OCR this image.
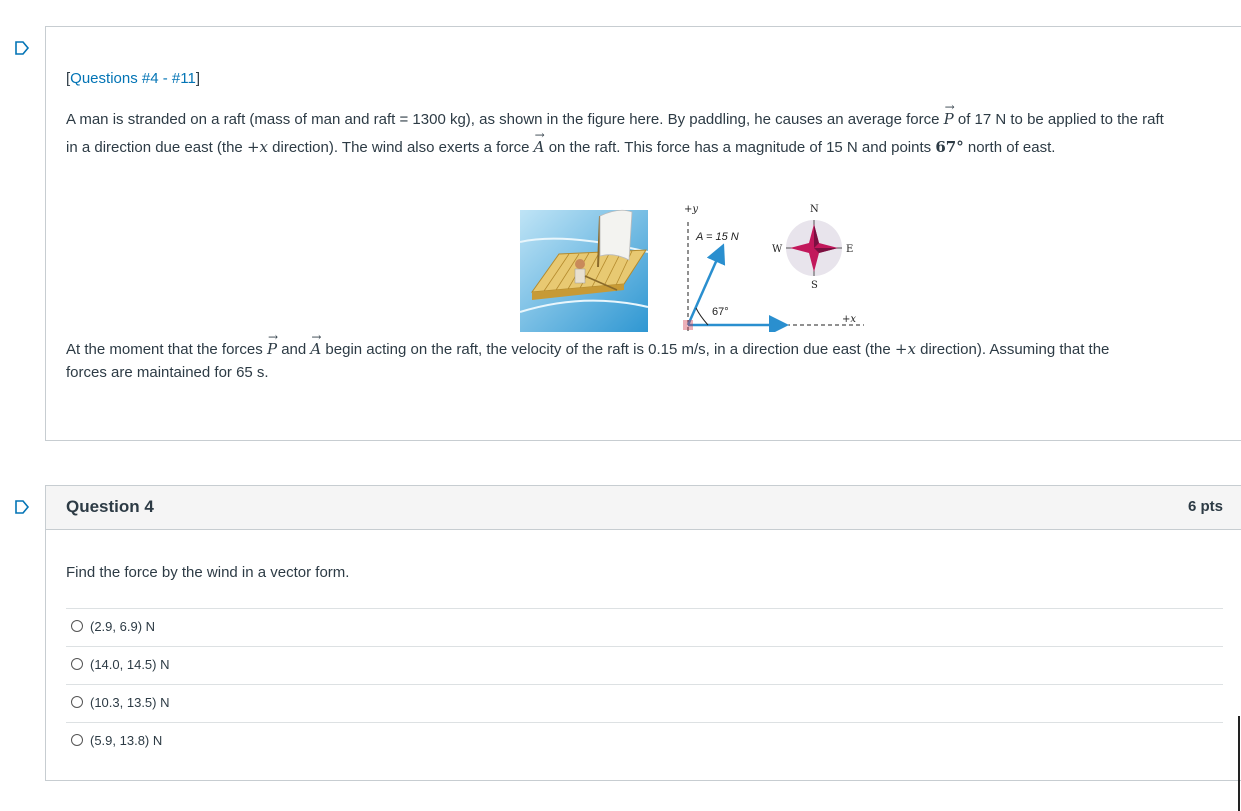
[Questions #4 - #11]
A man is stranded on a raft (mass of man and raft = 1300 kg), as shown in the figure here. By paddling, he causes an average force → P of 17 N to be applied to the raft
in a direction due east (the +x direction). The wind also exerts a force → A on the raft. This force has a magnitude of 15 N and points 67° north of east.
+y
+x
67°
A = 15 N
N
S
E
W
At the moment that the forces → P and → A begin acting on the raft, the velocity of the raft is 0.15 m/s, in a direction due east (the +x direction). Assuming that the
forces are maintained for 65 s.
Question 4	6 pts
Find the force by the wind in a vector form.
(2.9, 6.9) N
(14.0, 14.5) N
(10.3, 13.5) N
(5.9, 13.8) N
